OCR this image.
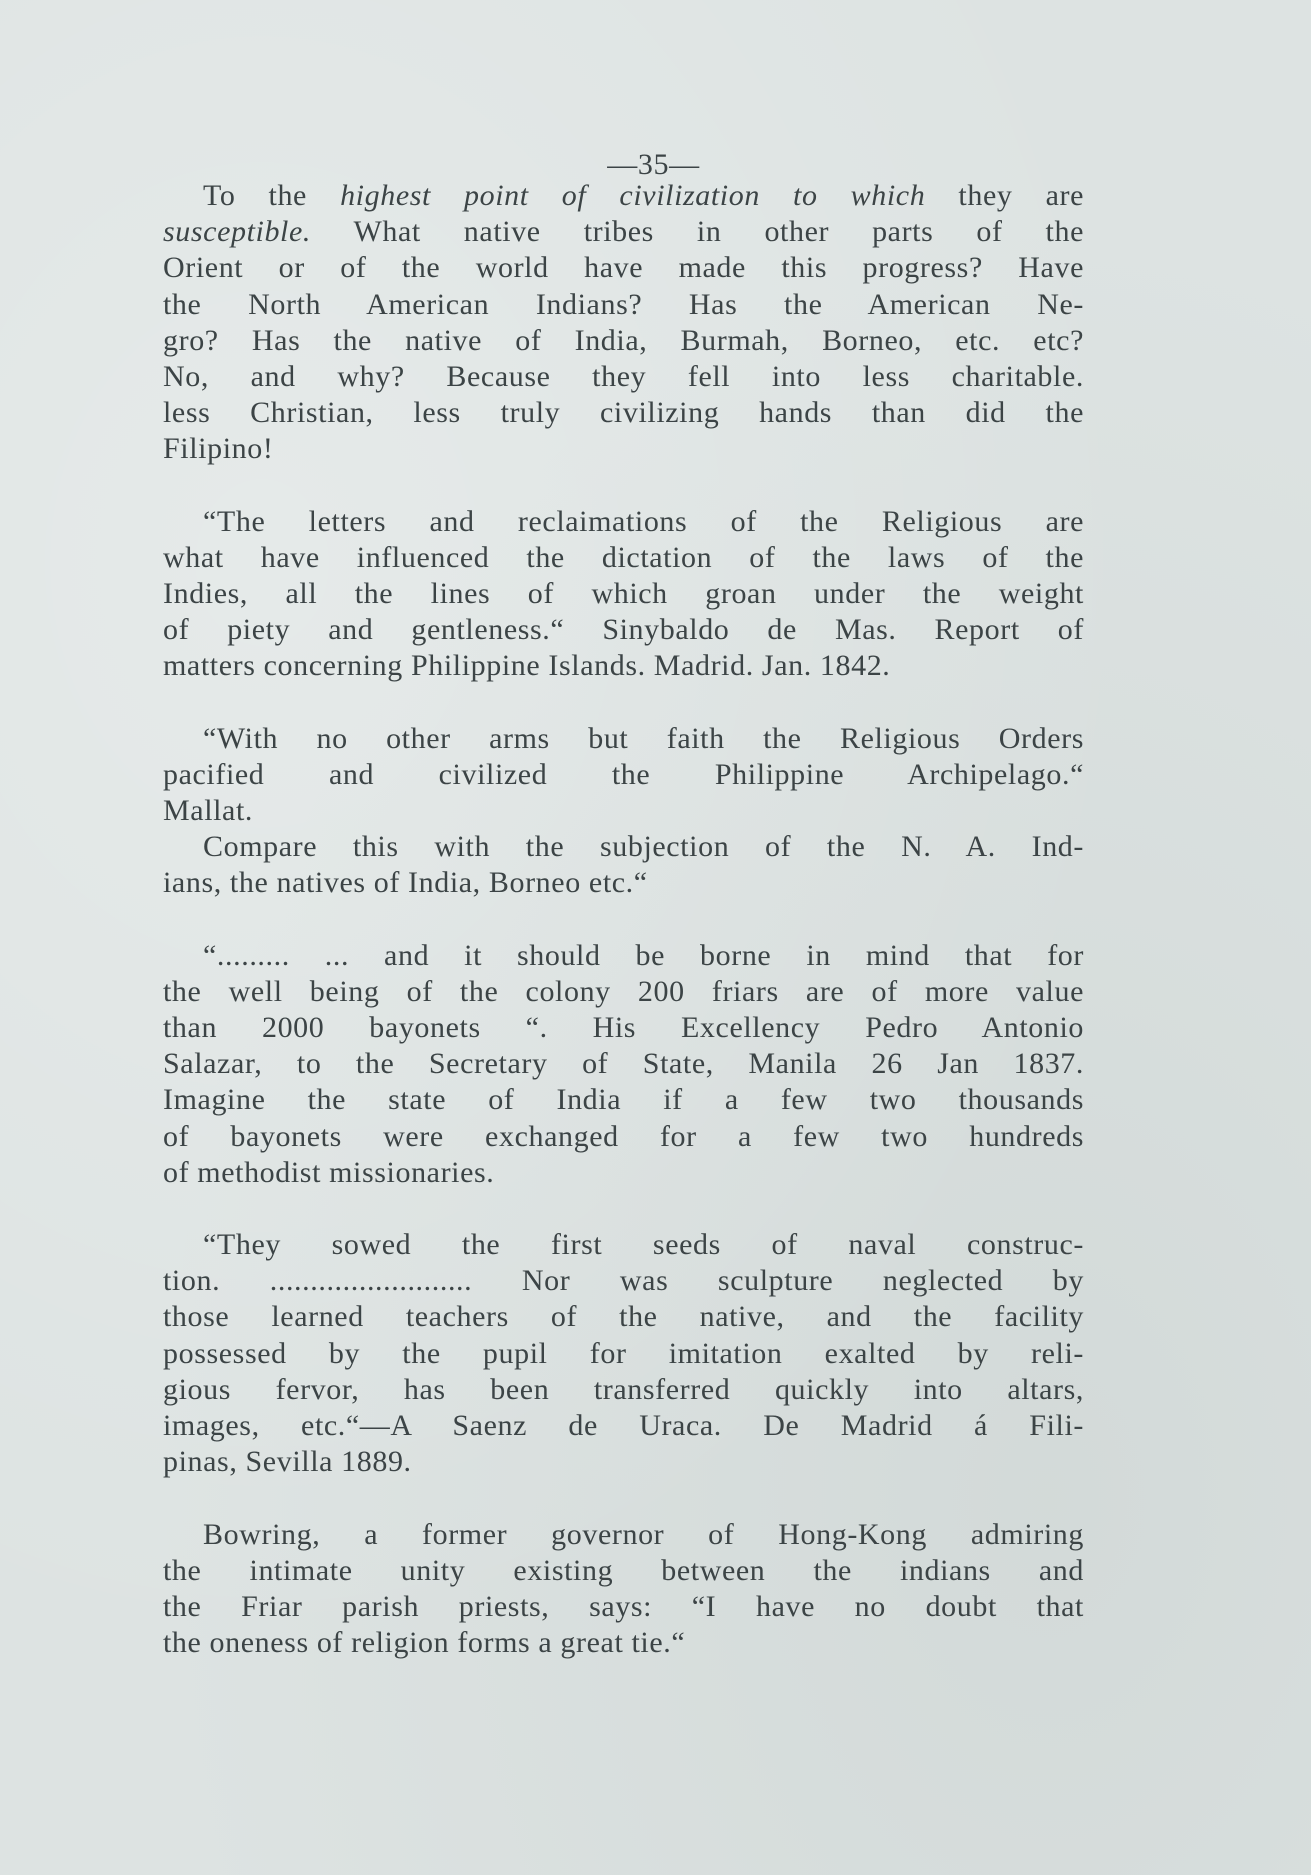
—35—
To the highest point of civilization to which they are
susceptible. What native tribes in other parts of the
Orient or of the world have made this progress? Have
the North American Indians? Has the American Ne-
gro? Has the native of India, Burmah, Borneo, etc. etc?
No, and why? Because they fell into less charitable.
less Christian, less truly civilizing hands than did the
Filipino!
“The letters and reclaimations of the Religious are
what have influenced the dictation of the laws of the
Indies, all the lines of which groan under the weight
of piety and gentleness.“ Sinybaldo de Mas. Report of
matters concerning Philippine Islands. Madrid. Jan. 1842.
“With no other arms but faith the Religious Orders
pacified and civilized the Philippine Archipelago.“
Mallat.
Compare this with the subjection of the N. A. Ind-
ians, the natives of India, Borneo etc.“
“......... ... and it should be borne in mind that for
the well being of the colony 200 friars are of more value
than 2000 bayonets “. His Excellency Pedro Antonio
Salazar, to the Secretary of State, Manila 26 Jan 1837.
Imagine the state of India if a few two thousands
of bayonets were exchanged for a few two hundreds
of methodist missionaries.
“They sowed the first seeds of naval construc-
tion. ......................... Nor was sculpture neglected by
those learned teachers of the native, and the facility
possessed by the pupil for imitation exalted by reli-
gious fervor, has been transferred quickly into altars,
images, etc.“—A Saenz de Uraca. De Madrid á Fili-
pinas, Sevilla 1889.
Bowring, a former governor of Hong-Kong admiring
the intimate unity existing between the indians and
the Friar parish priests, says: “I have no doubt that
the oneness of religion forms a great tie.“
